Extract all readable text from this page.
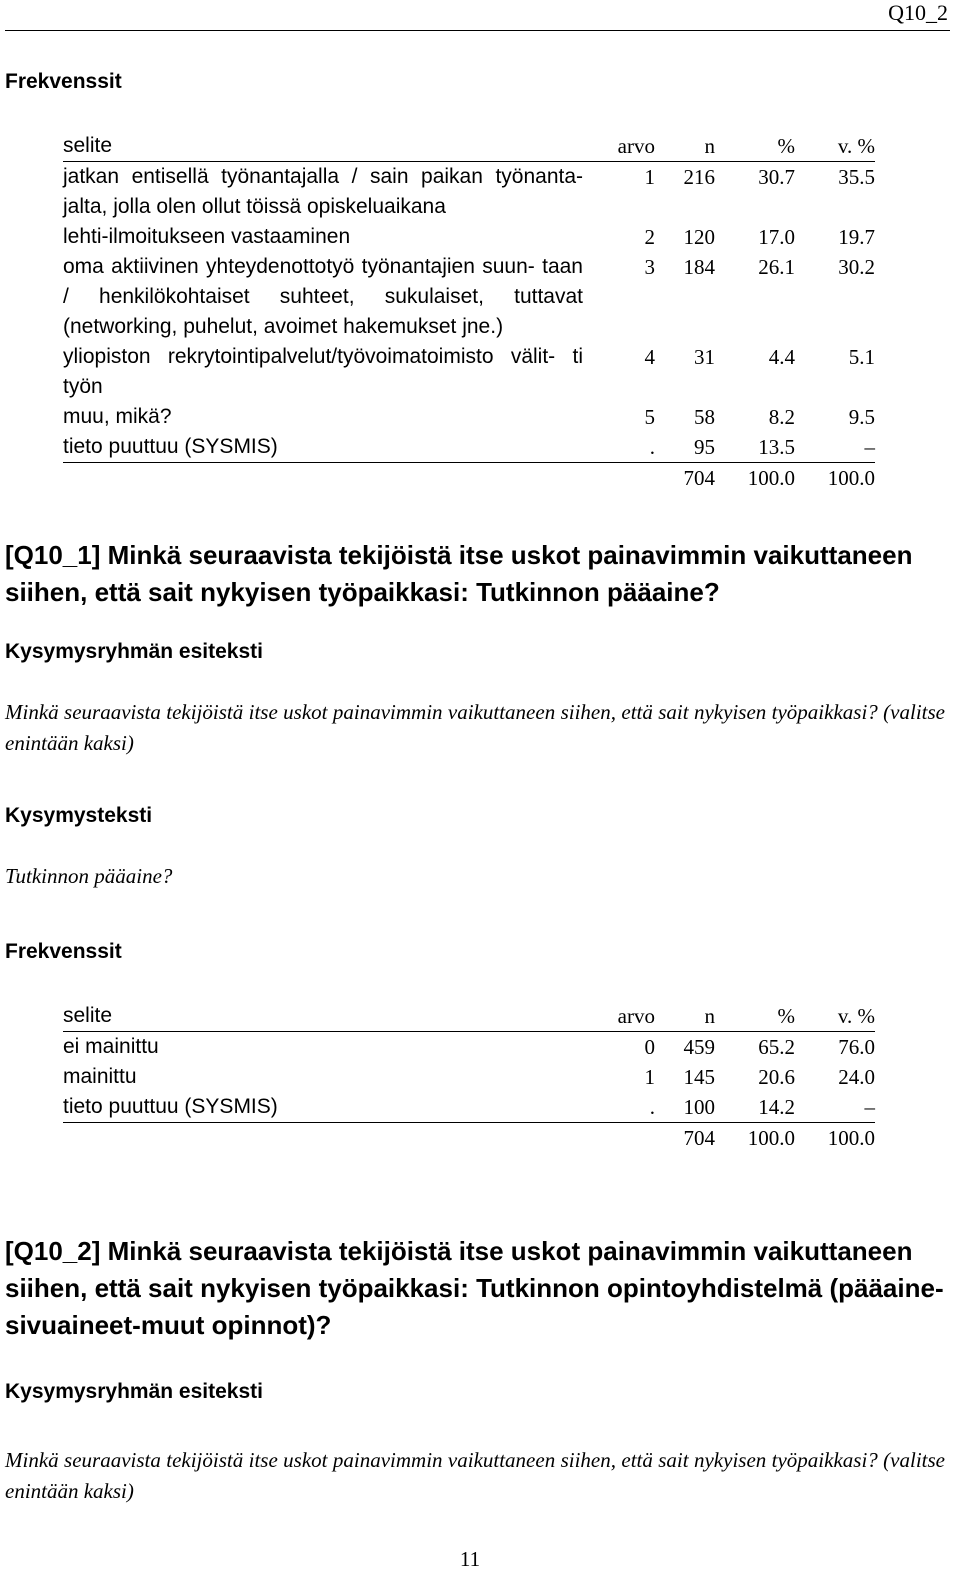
Q10_2
Frekvenssit
selite	arvo	n	%	v. %
jatkan entisellä työnantajalla / sain paikan työnanta- jalta, jolla olen ollut töissä opiskeluaikana	1	216	30.7	35.5
lehti-ilmoitukseen vastaaminen	2	120	17.0	19.7
oma aktiivinen yhteydenottotyö työnantajien suun- taan / henkilökohtaiset suhteet, sukulaiset, tuttavat (networking, puhelut, avoimet hakemukset jne.)	3	184	26.1	30.2
yliopiston rekrytointipalvelut/työvoimatoimisto välit- ti työn	4	31	4.4	5.1
muu, mikä?	5	58	8.2	9.5
tieto puuttuu (SYSMIS)	.	95	13.5	–
		704	100.0	100.0

[Q10_1] Minkä seuraavista tekijöistä itse uskot painavimmin vaikuttaneen siihen, että sait nykyisen työpaikkasi: Tutkinnon pääaine?

Kysymysryhmän esiteksti

Minkä seuraavista tekijöistä itse uskot painavimmin vaikuttaneen siihen, että sait nykyisen työpaikkasi? (valitse enintään kaksi)

Kysymysteksti

Tutkinnon pääaine?

Frekvenssit
selite	arvo	n	%	v. %
ei mainittu	0	459	65.2	76.0
mainittu	1	145	20.6	24.0
tieto puuttuu (SYSMIS)	.	100	14.2	–
		704	100.0	100.0

[Q10_2] Minkä seuraavista tekijöistä itse uskot painavimmin vaikuttaneen siihen, että sait nykyisen työpaikkasi: Tutkinnon opintoyhdistelmä (pääaine-sivuaineet-muut opinnot)?

Kysymysryhmän esiteksti

Minkä seuraavista tekijöistä itse uskot painavimmin vaikuttaneen siihen, että sait nykyisen työpaikkasi? (valitse enintään kaksi)

11
